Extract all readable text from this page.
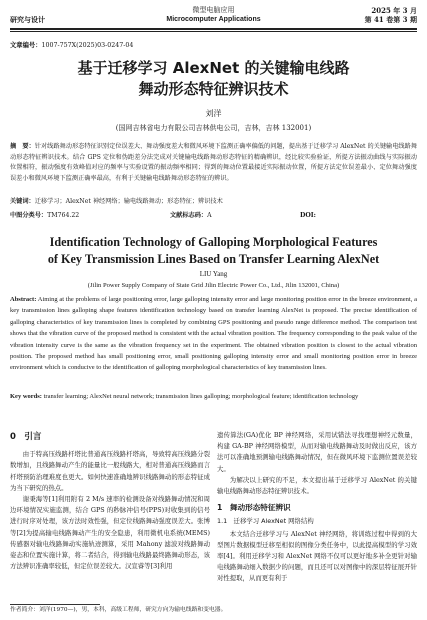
研究与设计
微型电脑应用
Microcomputer Applications
2025 年 3 月
第 41 卷第 3 期
文章编号：1007-757X(2025)03-0247-04
基于迁移学习 AlexNet 的关键输电线路
舞动形态特征辨识技术
刘洋
(国网吉林省电力有限公司吉林供电公司，吉林，吉林 132001)
摘　要：针对线路舞动形态特征识别定位误差大、舞动强度差大和微风环境下监测正确率偏低的问题，提出基于迁移学习 AlexNet 的关键输电线路舞动形态特征辨识技术。结合 GPS 定位和伪距差分法完成对关键输电线路舞动形态特征的精确辨识，经比较实验验证，所提方法振动曲线与实际振动位置相符，振动强度有效峰值对应的频率与实验设置的振动频率相同；得到的舞动位置最接近实际振动位置，所提方法定位误差最小、定位舞动强度误差小和微风环境下监测正确率最高，有利于关键输电线路舞动形态特征的辨识。
关键词：迁移学习；AlexNet 神经网络；输电线路舞动；形态特征；辨识技术
中图分类号：TM764.22	文献标志码：A	DOI:
Identification Technology of Galloping Morphological Features
of Key Transmission Lines Based on Transfer Learning AlexNet
LIU Yang
(Jilin Power Supply Company of State Grid Jilin Electric Power Co., Ltd., Jilin 132001, China)
Abstract: Aiming at the problems of large positioning error, large galloping intensity error and large monitoring position error in the breeze environment, a key transmission lines galloping shape features identification technology based on transfer learning AlexNet is proposed. The precise identification of galloping characteristics of key transmission lines is completed by combining GPS positioning and pseudo range difference method. The comparison test shows that the vibration curve of the proposed method is consistent with the actual vibration position. The frequency corresponding to the peak value of the vibration intensity curve is the same as the vibration frequency set in the experiment. The obtained vibration position is closest to the actual vibration position. The proposed method has small positioning error, small positioning galloping intensity error and small monitoring position error in breeze environment which is conducive to the identification of galloping morphological characteristics of key transmission lines.
Key words: transfer learning; AlexNet neural network; transmission lines galloping; morphological feature; identification technology
0　引言

由于特高压线路杆塔比普通高压线路杆塔高，导致特高压线路分裂数增加，且线路舞动产生的能量比一般线路大，相对普通高压线路而言杆塔预防治理难度也更大。如何快速准确地辨识线路舞动的形态特征成为当下研究的热点。

谢秉海等[1]利用附有 2 M/s 速率的检测设备对线路舞动情况和周边环境情况实施监测，结合 GPS 的秒脉冲信号(PPS)对收集到的信号进行时序对处理，该方法时效性强，但定位线路舞动强度误差大。张博等[2]为提高输电线路舞动产生的安全隐患，利用微机电系统(MEMS)传感器对输电线路舞动实施轨迹测算，采用 Mahony 滤波对线路舞动姿态和位置实施计算，将二者结合，得到输电线路最终路舞动形态，该方法辨识准确率较低，但定位误差较大。汉宣睿等[3]利用

遗传算法(GA)优化 BP 神经网络，采用试错法寻找理想神经元数量，构建 GA-BP 神经网络模型，从而对输电线路舞动及时做出反应，该方法可以准确地预测输电线路舞动情况，但在微风环境下监测位置误差较大。

为解决以上研究的不足，本文提出基于迁移学习 AlexNet 的关键输电线路舞动形态特征辨识技术。

1　舞动形态特征辨识
1.1　迁移学习 AlexNet 网络结构

本文结合迁移学习与 AlexNet 神经网络，将训练过程中得到的大型图片数据模型迁移至相似的图像分类任务中，以此提高模型的学习效率[4]。利用迁移学习和 AlexNet 网络不仅可以更好地多补全更针对输电线路舞动细入数据少的问题，而且还可以对图像中的深层特征展开针对性提取，从而更有利于

作者简介：刘洋(1970—)，男，本科，高级工程师，研究方向为输电线路和变电器。
